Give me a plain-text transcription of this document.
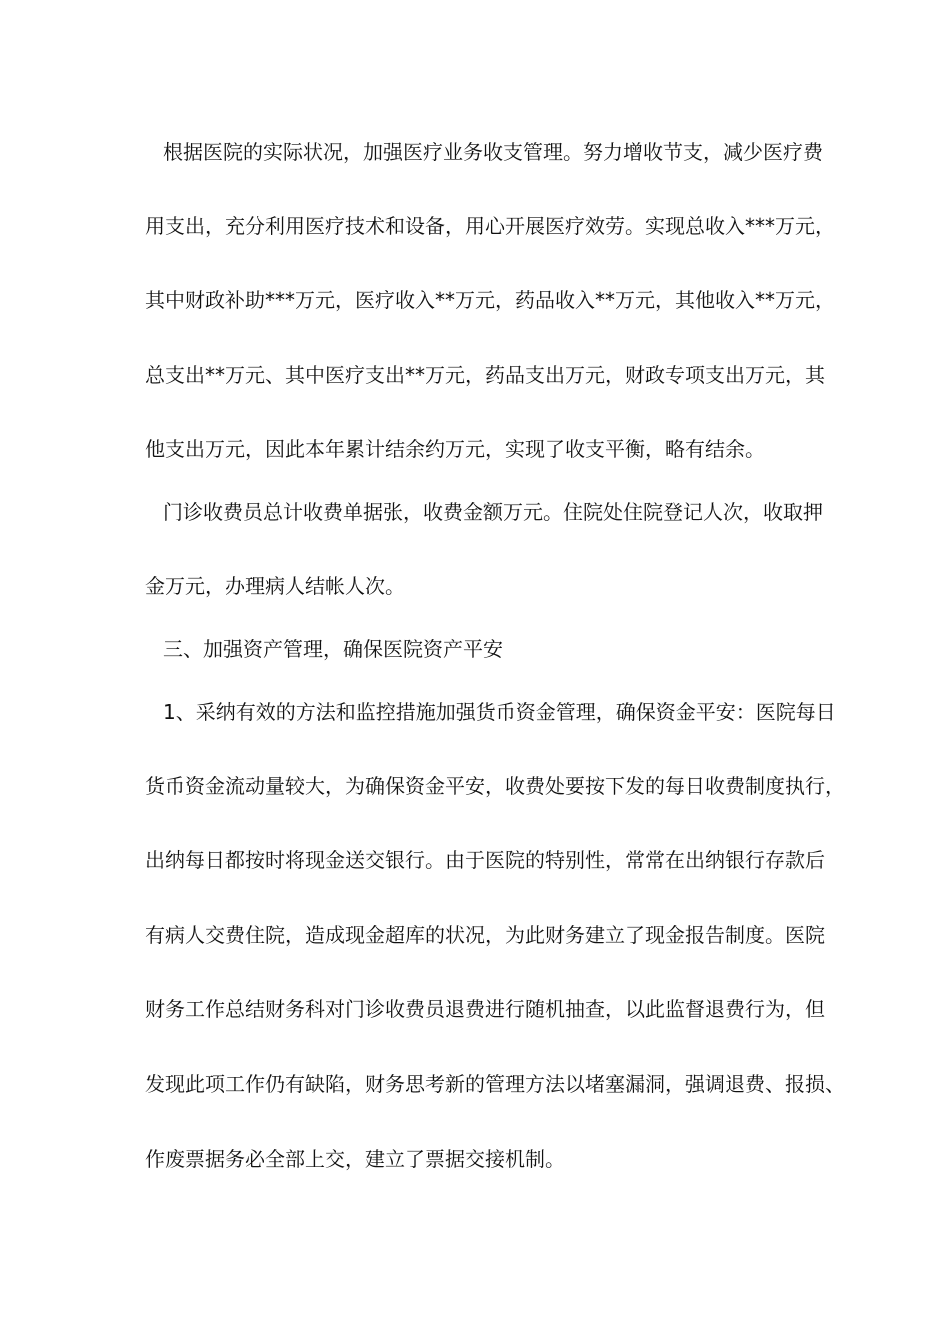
根据医院的实际状况，加强医疗业务收支管理。努力增收节支，减少医疗费
用支出，充分利用医疗技术和设备，用心开展医疗效劳。实现总收入***万元，
其中财政补助***万元，医疗收入**万元，药品收入**万元，其他收入**万元，
总支出**万元、其中医疗支出**万元，药品支出万元，财政专项支出万元，其
他支出万元，因此本年累计结余约万元，实现了收支平衡，略有结余。
门诊收费员总计收费单据张，收费金额万元。住院处住院登记人次，收取押
金万元，办理病人结帐人次。
三、加强资产管理，确保医院资产平安
1、采纳有效的方法和监控措施加强货币资金管理，确保资金平安：医院每日
货币资金流动量较大，为确保资金平安，收费处要按下发的每日收费制度执行，
出纳每日都按时将现金送交银行。由于医院的特别性，常常在出纳银行存款后
有病人交费住院，造成现金超库的状况，为此财务建立了现金报告制度。医院
财务工作总结财务科对门诊收费员退费进行随机抽查，以此监督退费行为，但
发现此项工作仍有缺陷，财务思考新的管理方法以堵塞漏洞，强调退费、报损、
作废票据务必全部上交，建立了票据交接机制。
